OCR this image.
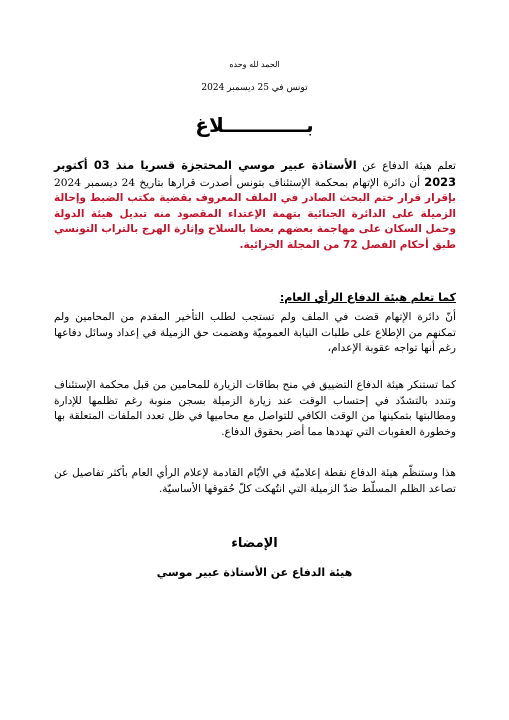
الحمد لله وحده
تونس في 25 ديسمبر 2024
بــــــــــــلاغ
تعلم هيئة الدفاع عن الأستاذة عبير موسي المحتجزة قسريا منذ 03 أكتوبر 2023 أن دائرة الإتهام بمحكمة الإستئناف بتونس أصدرت قرارها بتاريخ 24 ديسمبر 2024 بإقرار قرار ختم البحث الصادر في الملف المعروف بقضية مكتب الضبط وإحالة الزميلة على الدائرة الجنائية بتهمة الإعتداء المقصود منه تبديل هيئة الدولة وحمل السكان على مهاجمة بعضهم بعضا بالسلاح وإثارة الهرج بالتراب التونسي طبق أحكام الفصل 72 من المجلة الجزائية.
كما تعلم هيئة الدفاع الرأي العام:
أنّ دائرة الإتهام قضت في الملف ولم تستجب لطلب التأخير المقدم من المحامين ولم تمكنهم من الإطلاع على طلبات النيابة العموميّة وهضمت حق الزميلة في إعداد وسائل دفاعها رغم أنها تواجه عقوبة الإعدام،
كما تستنكر هيئة الدفاع التضييق في منح بطاقات الزيارة للمحامين من قبل محكمة الإستئناف وتندد بالتشدّد في إحتساب الوقت عند زيارة الزميلة بسجن منوبة رغم تظلمها للإدارة ومطالبتها بتمكينها من الوقت الكافي للتواصل مع محاميها في ظل تعدد الملفات المتعلقة بها وخطورة العقوبات التي تهددها مما أضر بحقوق الدفاع.
هذا وستنظّم هيئة الدفاع نقطة إعلاميّة في الأيّام القادمة لإعلام الرأي العام بأكثر تفاصيل عن تصاعد الظلم المسلّط ضدّ الزميلة التي انتُهكت كلّ حُقوقها الأساسيّة.
الإمضاء
هيئة الدفاع عن الأستاذة عبير موسي
